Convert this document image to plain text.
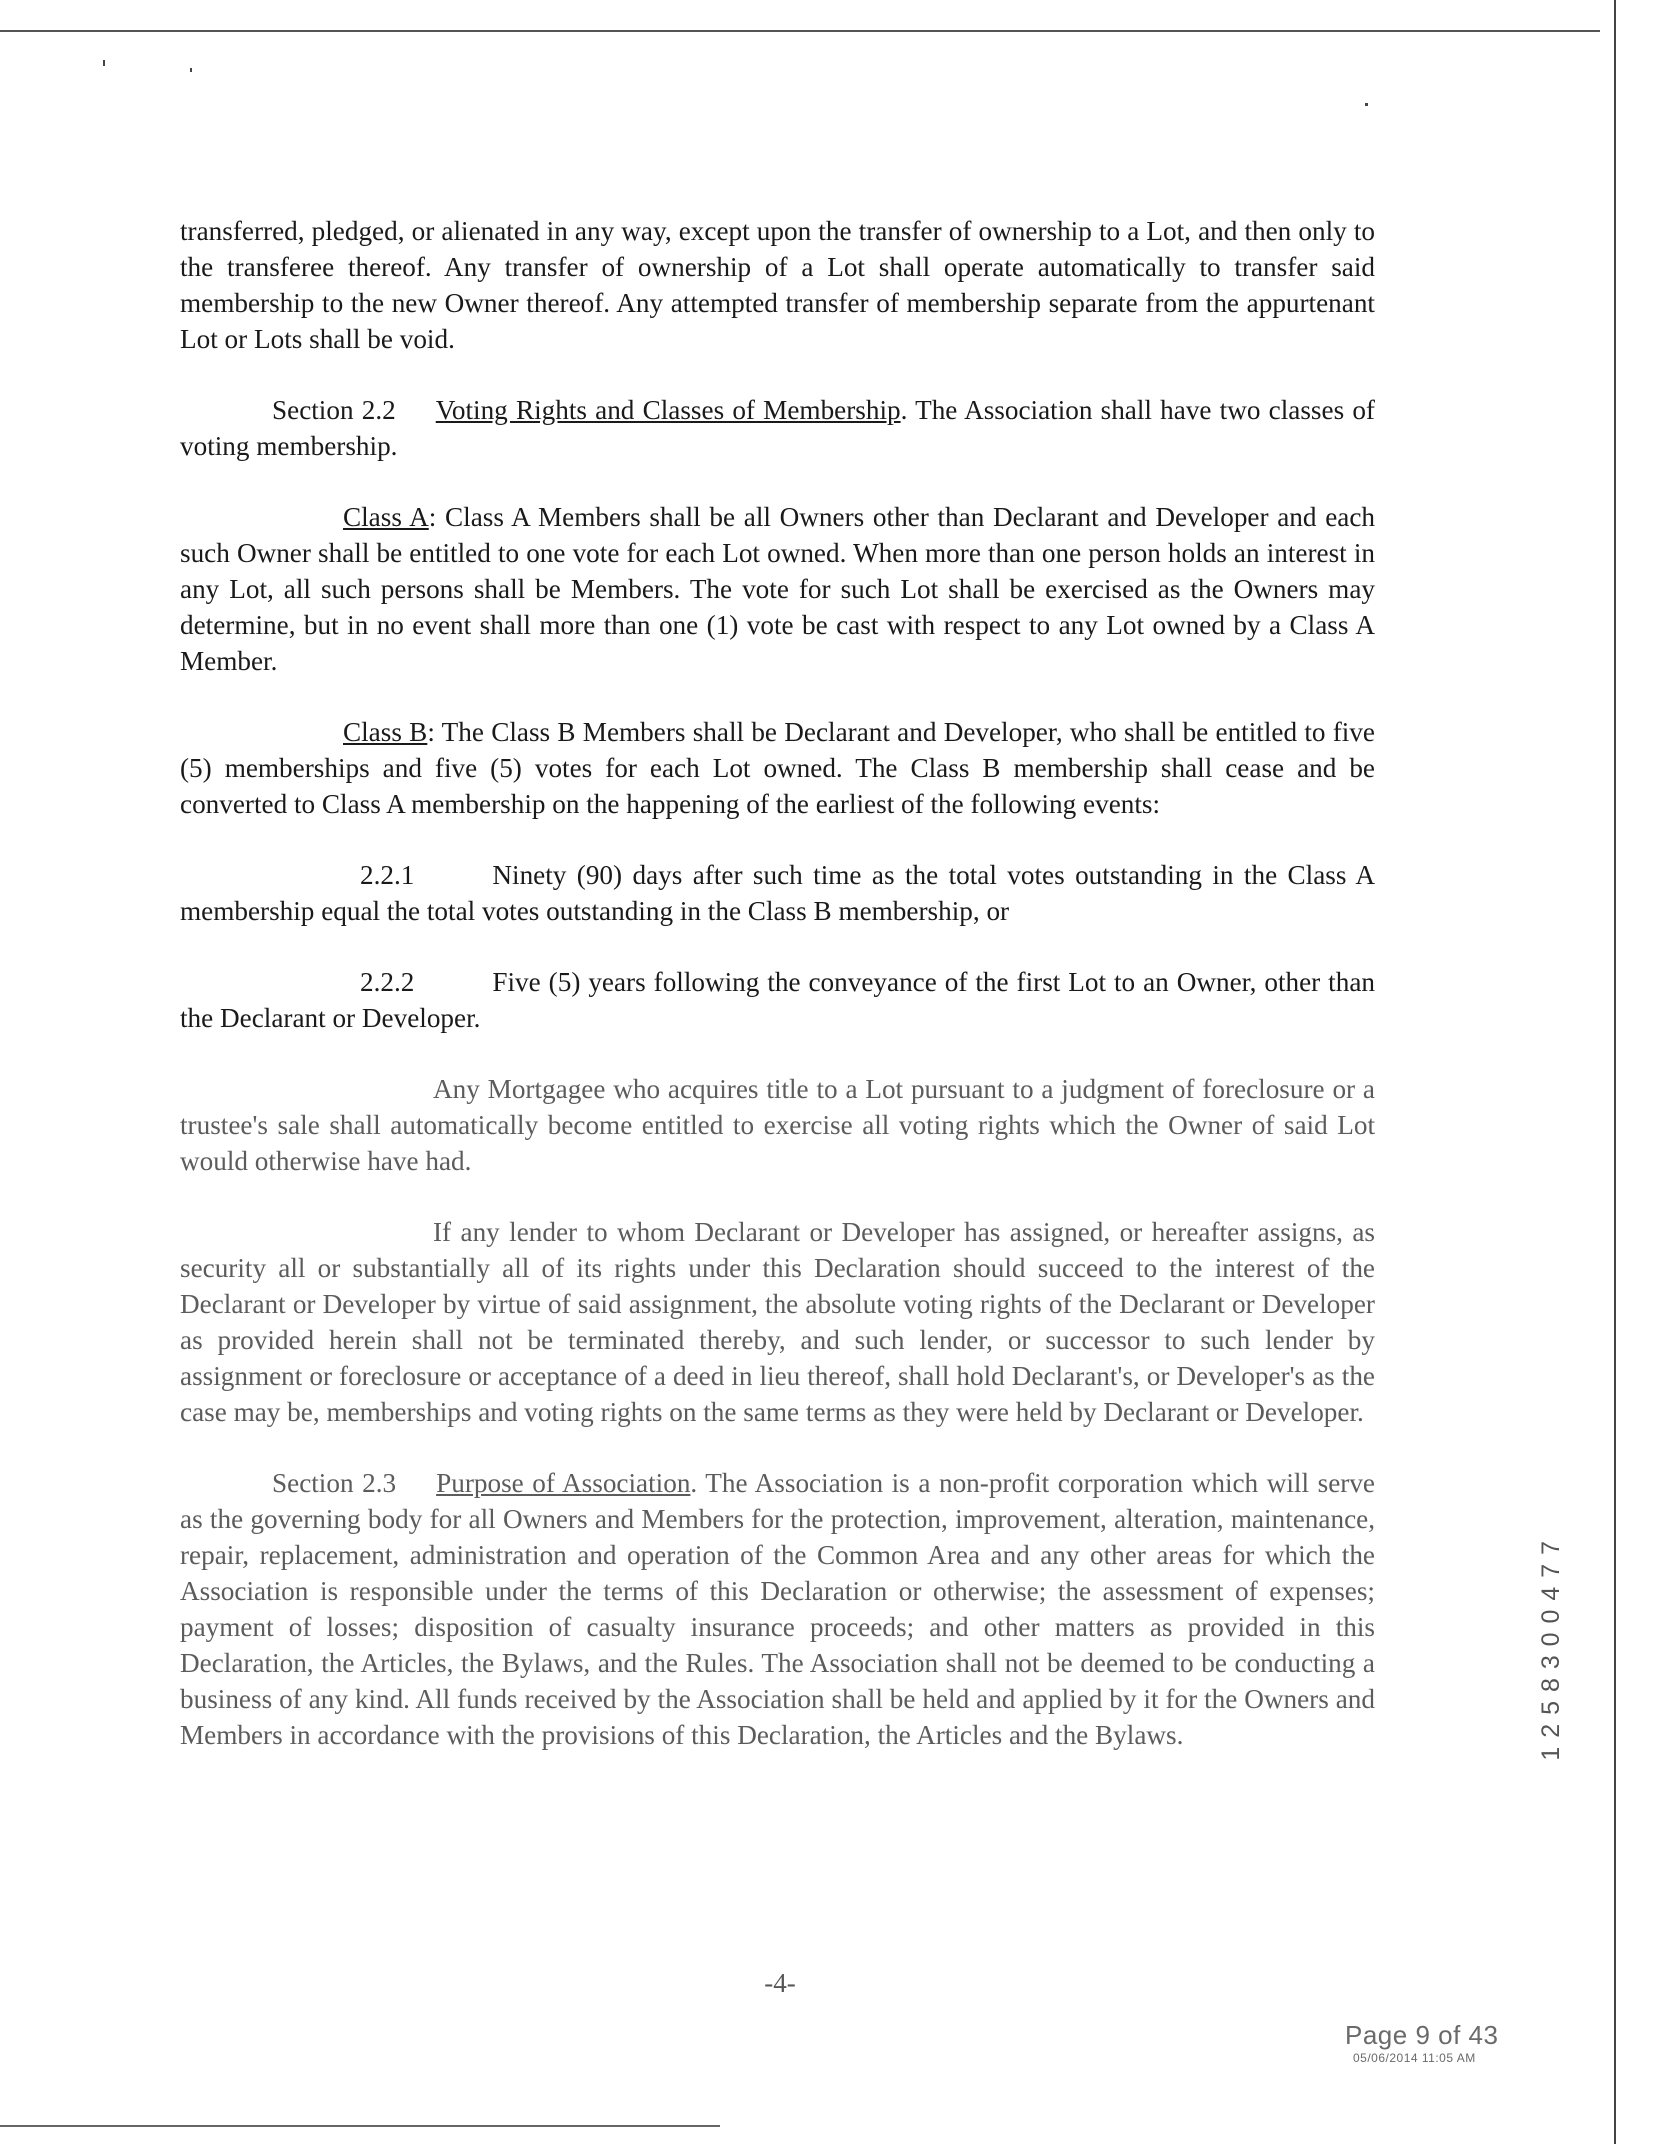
transferred, pledged, or alienated in any way, except upon the transfer of ownership to a Lot, and then only to the transferee thereof. Any transfer of ownership of a Lot shall operate automatically to transfer said membership to the new Owner thereof. Any attempted transfer of membership separate from the appurtenant Lot or Lots shall be void.

Section 2.2 Voting Rights and Classes of Membership. The Association shall have two classes of voting membership.

Class A: Class A Members shall be all Owners other than Declarant and Developer and each such Owner shall be entitled to one vote for each Lot owned. When more than one person holds an interest in any Lot, all such persons shall be Members. The vote for such Lot shall be exercised as the Owners may determine, but in no event shall more than one (1) vote be cast with respect to any Lot owned by a Class A Member.

Class B: The Class B Members shall be Declarant and Developer, who shall be entitled to five (5) memberships and five (5) votes for each Lot owned. The Class B membership shall cease and be converted to Class A membership on the happening of the earliest of the following events:

2.2.1	Ninety (90) days after such time as the total votes outstanding in the Class A membership equal the total votes outstanding in the Class B membership, or

2.2.2	Five (5) years following the conveyance of the first Lot to an Owner, other than the Declarant or Developer.

Any Mortgagee who acquires title to a Lot pursuant to a judgment of foreclosure or a trustee's sale shall automatically become entitled to exercise all voting rights which the Owner of said Lot would otherwise have had.

If any lender to whom Declarant or Developer has assigned, or hereafter assigns, as security all or substantially all of its rights under this Declaration should succeed to the interest of the Declarant or Developer by virtue of said assignment, the absolute voting rights of the Declarant or Developer as provided herein shall not be terminated thereby, and such lender, or successor to such lender by assignment or foreclosure or acceptance of a deed in lieu thereof, shall hold Declarant's, or Developer's as the case may be, memberships and voting rights on the same terms as they were held by Declarant or Developer.

Section 2.3 Purpose of Association. The Association is a non-profit corporation which will serve as the governing body for all Owners and Members for the protection, improvement, alteration, maintenance, repair, replacement, administration and operation of the Common Area and any other areas for which the Association is responsible under the terms of this Declaration or otherwise; the assessment of expenses; payment of losses; disposition of casualty insurance proceeds; and other matters as provided in this Declaration, the Articles, the Bylaws, and the Rules. The Association shall not be deemed to be conducting a business of any kind. All funds received by the Association shall be held and applied by it for the Owners and Members in accordance with the provisions of this Declaration, the Articles and the Bylaws.	1 2 5 8 3 0 0 4 7 7
-4-
Page 9 of 43
05/06/2014 11:05 AM
